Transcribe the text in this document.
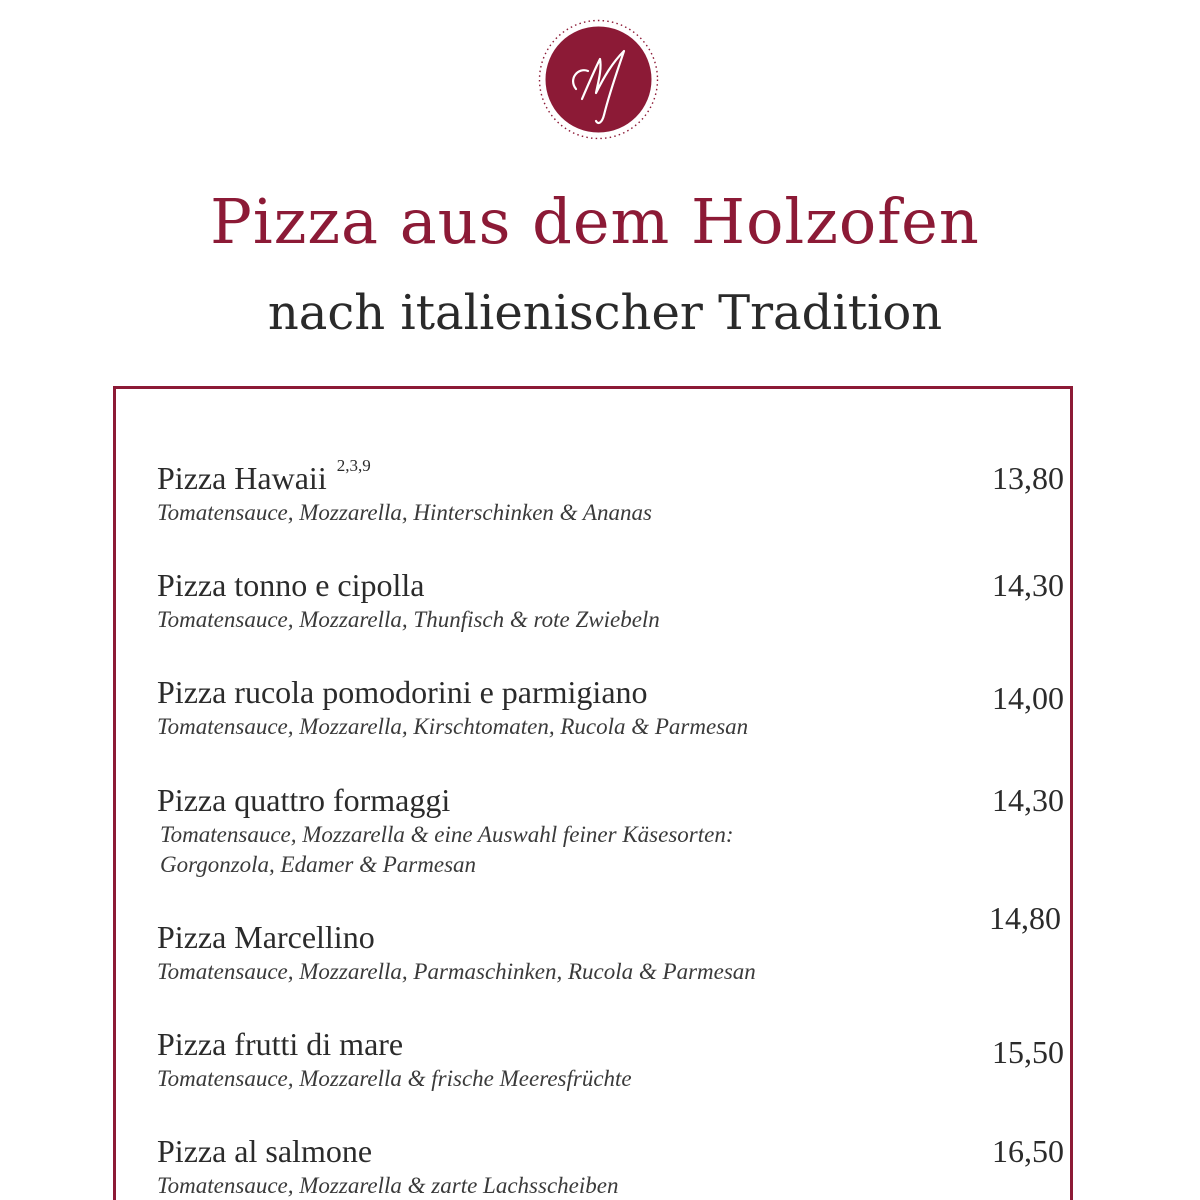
Pizza aus dem Holzofen
nach italienischer Tradition
Pizza Hawaii $^{2,3,9}$
Tomatensauce, Mozzarella, Hinterschinken & Ananas
13,80
Pizza tonno e cipolla
Tomatensauce, Mozzarella, Thunfisch & rote Zwiebeln
14,30
Pizza rucola pomodorini e parmigiano
Tomatensauce, Mozzarella, Kirschtomaten, Rucola & Parmesan
14,00
Pizza quattro formaggi
Tomatensauce, Mozzarella & eine Auswahl feiner Käsesorten:
Gorgonzola, Edamer & Parmesan
14,30
Pizza Marcellino
Tomatensauce, Mozzarella, Parmaschinken, Rucola & Parmesan
14,80
Pizza frutti di mare
Tomatensauce, Mozzarella & frische Meeresfrüchte
15,50
Pizza al salmone
Tomatensauce, Mozzarella & zarte Lachsscheiben
16,50
